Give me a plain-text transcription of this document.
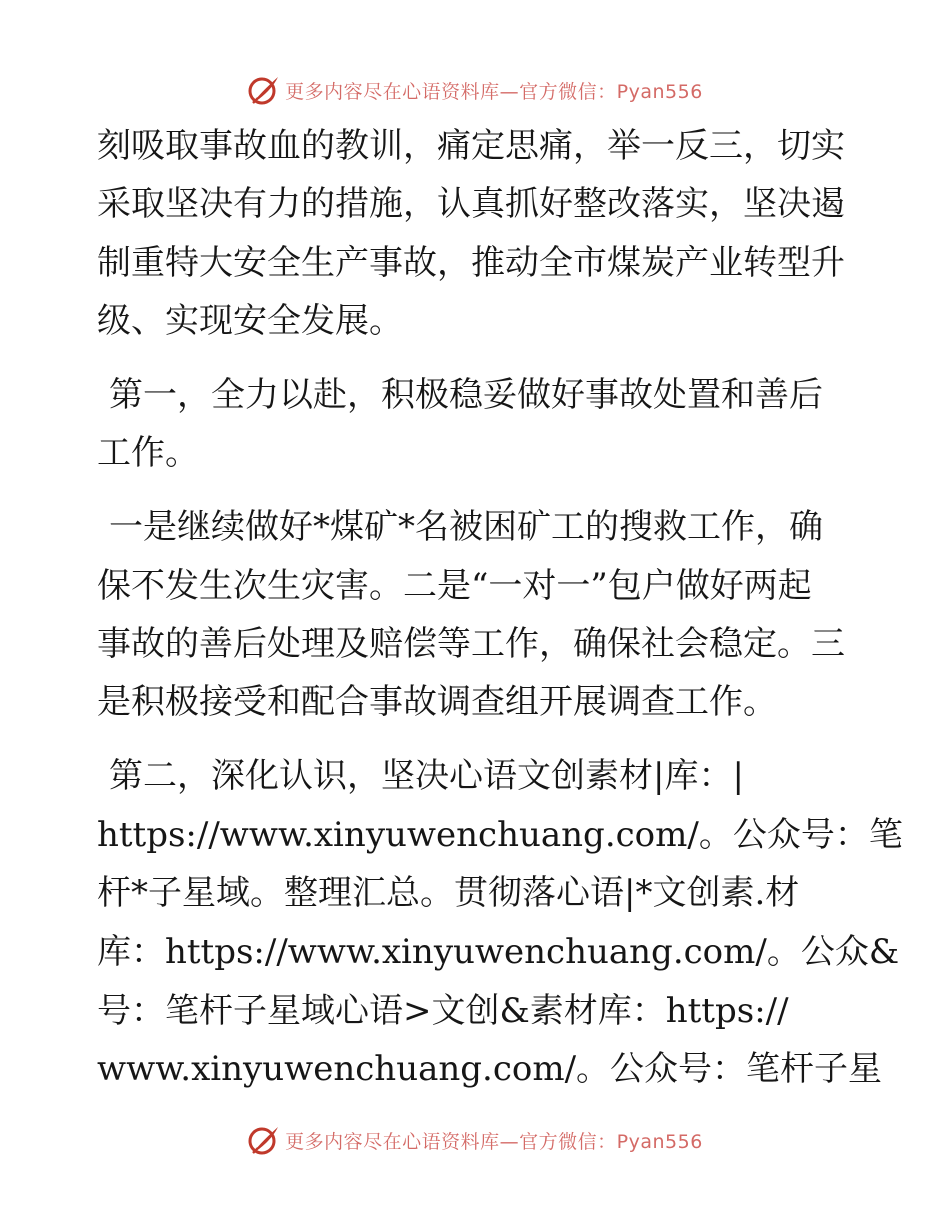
更多内容尽在心语资料库—官方微信：Pyan556
刻吸取事故血的教训，痛定思痛，举一反三，切实
采取坚决有力的措施，认真抓好整改落实，坚决遏
制重特大安全生产事故，推动全市煤炭产业转型升
级、实现安全发展。
第一，全力以赴，积极稳妥做好事故处置和善后
工作。
一是继续做好*煤矿*名被困矿工的搜救工作，确
保不发生次生灾害。二是“一对一”包户做好两起
事故的善后处理及赔偿等工作，确保社会稳定。三
是积极接受和配合事故调查组开展调查工作。
第二，深化认识，坚决心语文创素材|库：|
https://www.xinyuwenchuang.com/。公众号：笔
杆*子星域。整理汇总。贯彻落心语|*文创素.材
库：https://www.xinyuwenchuang.com/。公众&
号：笔杆子星域心语>文创&素材库：https://
www.xinyuwenchuang.com/。公众号：笔杆子星
更多内容尽在心语资料库—官方微信：Pyan556
